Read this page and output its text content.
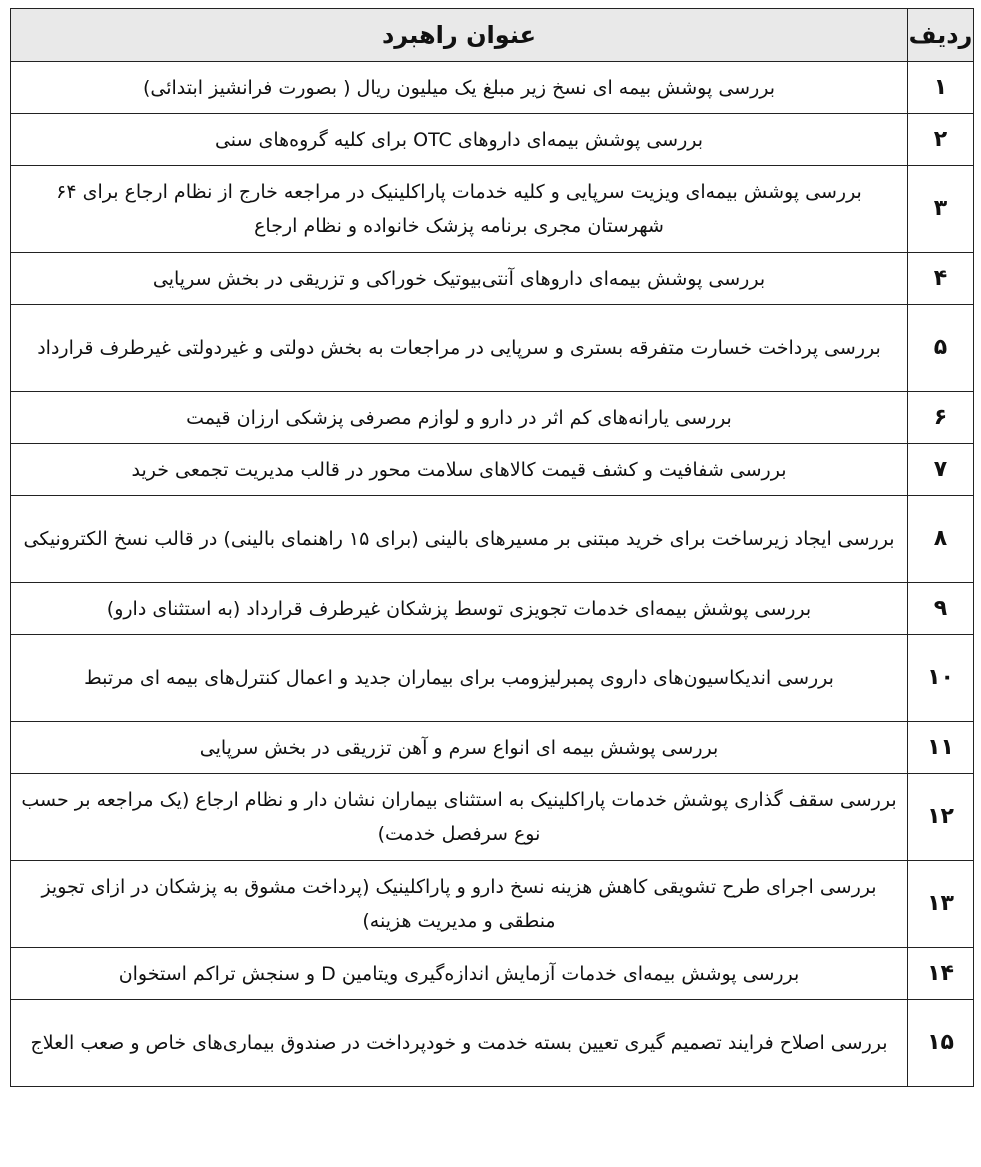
ردیف	عنوان راهبرد
۱	بررسی پوشش بیمه ای نسخ زیر مبلغ یک میلیون ریال ( بصورت فرانشیز ابتدائی)
۲	بررسی پوشش بیمه‌ای داروهای OTC برای کلیه گروه‌های سنی
۳	بررسی پوشش بیمه‌ای ویزیت سرپایی و کلیه خدمات پاراکلینیک در مراجعه خارج از نظام ارجاع برای ۶۴ شهرستان مجری برنامه پزشک خانواده و نظام ارجاع
۴	بررسی پوشش بیمه‌ای داروهای آنتی‌بیوتیک خوراکی و تزریقی در بخش سرپایی
۵	بررسی پرداخت خسارت متفرقه بستری و سرپایی در مراجعات به بخش دولتی و غیردولتی غیرطرف قرارداد
۶	بررسی یارانه‌های کم اثر در دارو و لوازم مصرفی پزشکی ارزان قیمت
۷	بررسی شفافیت و کشف قیمت کالاهای سلامت محور در قالب مدیریت تجمعی خرید
۸	بررسی ایجاد زیرساخت برای خرید مبتنی بر مسیرهای بالینی (برای ۱۵ راهنمای بالینی) در قالب نسخ الکترونیکی
۹	بررسی پوشش بیمه‌ای خدمات تجویزی توسط پزشکان غیرطرف قرارداد (به استثنای دارو)
۱۰	بررسی اندیکاسیون‌های داروی پمبرلیزومب برای بیماران جدید و اعمال کنترل‌های بیمه ای مرتبط
۱۱	بررسی پوشش بیمه ای انواع سرم و آهن تزریقی در بخش سرپایی
۱۲	بررسی سقف گذاری پوشش خدمات پاراکلینیک به استثنای بیماران نشان دار و نظام ارجاع (یک مراجعه بر حسب نوع سرفصل خدمت)
۱۳	بررسی اجرای طرح تشویقی کاهش هزینه نسخ دارو و پاراکلینیک (پرداخت مشوق به پزشکان در ازای تجویز منطقی و مدیریت هزینه)
۱۴	بررسی پوشش بیمه‌ای خدمات آزمایش اندازه‌گیری ویتامین D و سنجش تراکم استخوان
۱۵	بررسی اصلاح فرایند تصمیم گیری تعیین بسته خدمت و خودپرداخت در صندوق بیماری‌های خاص و صعب العلاج
